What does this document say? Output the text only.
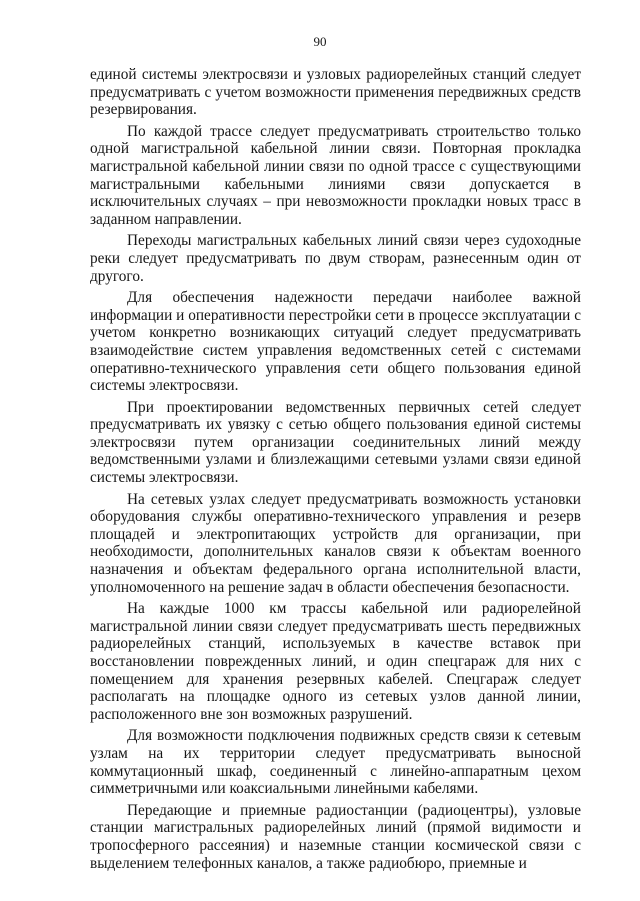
90

единой системы электросвязи и узловых радиорелейных станций следует предусматривать с учетом возможности применения передвижных средств резервирования.

По каждой трассе следует предусматривать строительство только одной магистральной кабельной линии связи. Повторная прокладка магистральной кабельной линии связи по одной трассе с существующими магистральными кабельными линиями связи допускается в исключительных случаях – при невозможности прокладки новых трасс в заданном направлении.

Переходы магистральных кабельных линий связи через судоходные реки следует предусматривать по двум створам, разнесенным один от другого.

Для обеспечения надежности передачи наиболее важной информации и оперативности перестройки сети в процессе эксплуатации с учетом конкретно возникающих ситуаций следует предусматривать взаимодействие систем управления ведомственных сетей с системами оперативно-технического управления сети общего пользования единой системы электросвязи.

При проектировании ведомственных первичных сетей следует предусматривать их увязку с сетью общего пользования единой системы электросвязи путем организации соединительных линий между ведомственными узлами и близлежащими сетевыми узлами связи единой системы электросвязи.

На сетевых узлах следует предусматривать возможность установки оборудования службы оперативно-технического управления и резерв площадей и электропитающих устройств для организации, при необходимости, дополнительных каналов связи к объектам военного назначения и объектам федерального органа исполнительной власти, уполномоченного на решение задач в области обеспечения безопасности.

На каждые 1000 км трассы кабельной или радиорелейной магистральной линии связи следует предусматривать шесть передвижных радиорелейных станций, используемых в качестве вставок при восстановлении поврежденных линий, и один спецгараж для них с помещением для хранения резервных кабелей. Спецгараж следует располагать на площадке одного из сетевых узлов данной линии, расположенного вне зон возможных разрушений.

Для возможности подключения подвижных средств связи к сетевым узлам на их территории следует предусматривать выносной коммутационный шкаф, соединенный с линейно-аппаратным цехом симметричными или коаксиальными линейными кабелями.

Передающие и приемные радиостанции (радиоцентры), узловые станции магистральных радиорелейных линий (прямой видимости и тропосферного рассеяния) и наземные станции космической связи с выделением телефонных каналов, а также радиобюро, приемные и
